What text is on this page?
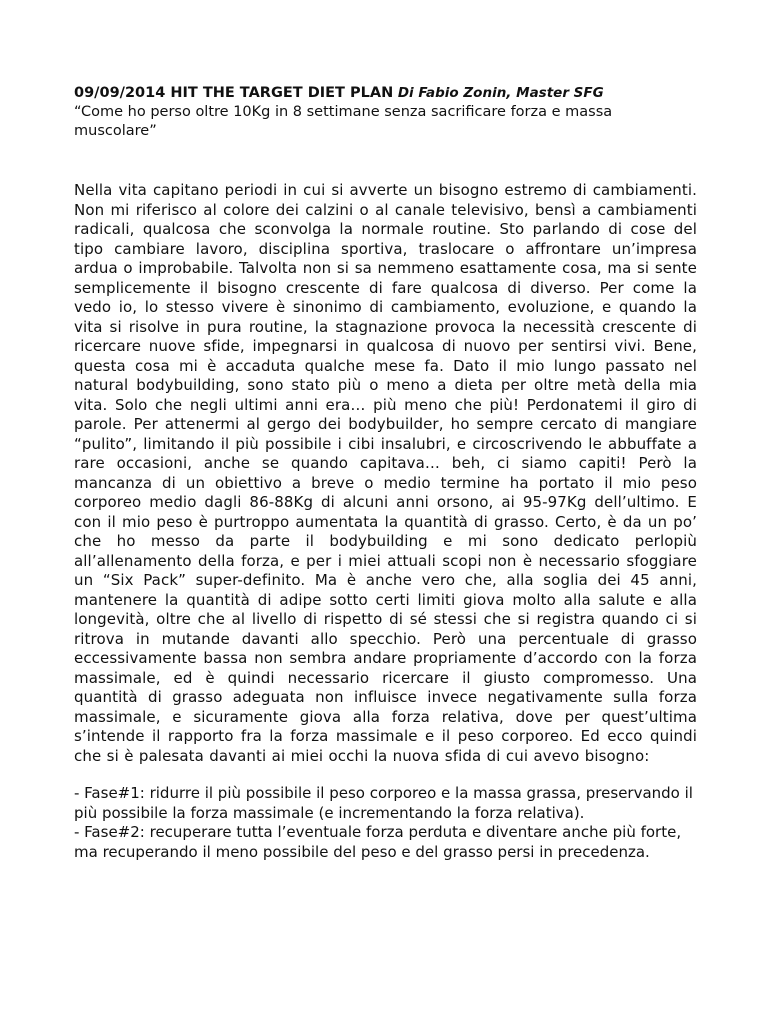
09/09/2014 HIT THE TARGET DIET PLAN Di Fabio Zonin, Master SFG

“Come ho perso oltre 10Kg in 8 settimane senza sacrificare forza e massa muscolare”

Nella vita capitano periodi in cui si avverte un bisogno estremo di cambiamenti. Non mi riferisco al colore dei calzini o al canale televisivo, bensì a cambiamenti radicali, qualcosa che sconvolga la normale routine. Sto parlando di cose del tipo cambiare lavoro, disciplina sportiva, traslocare o affrontare un’impresa ardua o improbabile. Talvolta non si sa nemmeno esattamente cosa, ma si sente semplicemente il bisogno crescente di fare qualcosa di diverso. Per come la vedo io, lo stesso vivere è sinonimo di cambiamento, evoluzione, e quando la vita si risolve in pura routine, la stagnazione provoca la necessità crescente di ricercare nuove sfide, impegnarsi in qualcosa di nuovo per sentirsi vivi. Bene, questa cosa mi è accaduta qualche mese fa. Dato il mio lungo passato nel natural bodybuilding, sono stato più o meno a dieta per oltre metà della mia vita. Solo che negli ultimi anni era… più meno che più! Perdonatemi il giro di parole. Per attenermi al gergo dei bodybuilder, ho sempre cercato di mangiare “pulito”, limitando il più possibile i cibi insalubri, e circoscrivendo le abbuffate a rare occasioni, anche se quando capitava… beh, ci siamo capiti! Però la mancanza di un obiettivo a breve o medio termine ha portato il mio peso corporeo medio dagli 86-88Kg di alcuni anni orsono, ai 95-97Kg dell’ultimo. E con il mio peso è purtroppo aumentata la quantità di grasso. Certo, è da un po’ che ho messo da parte il bodybuilding e mi sono dedicato perlopiù all’allenamento della forza, e per i miei attuali scopi non è necessario sfoggiare un “Six Pack” super-definito. Ma è anche vero che, alla soglia dei 45 anni, mantenere la quantità di adipe sotto certi limiti giova molto alla salute e alla longevità, oltre che al livello di rispetto di sé stessi che si registra quando ci si ritrova in mutande davanti allo specchio. Però una percentuale di grasso eccessivamente bassa non sembra andare propriamente d’accordo con la forza massimale, ed è quindi necessario ricercare il giusto compromesso. Una quantità di grasso adeguata non influisce invece negativamente sulla forza massimale, e sicuramente giova alla forza relativa, dove per quest’ultima s’intende il rapporto fra la forza massimale e il peso corporeo. Ed ecco quindi che si è palesata davanti ai miei occhi la nuova sfida di cui avevo bisogno:

- Fase#1: ridurre il più possibile il peso corporeo e la massa grassa, preservando il più possibile la forza massimale (e incrementando la forza relativa).

- Fase#2: recuperare tutta l’eventuale forza perduta e diventare anche più forte, ma recuperando il meno possibile del peso e del grasso persi in precedenza.
